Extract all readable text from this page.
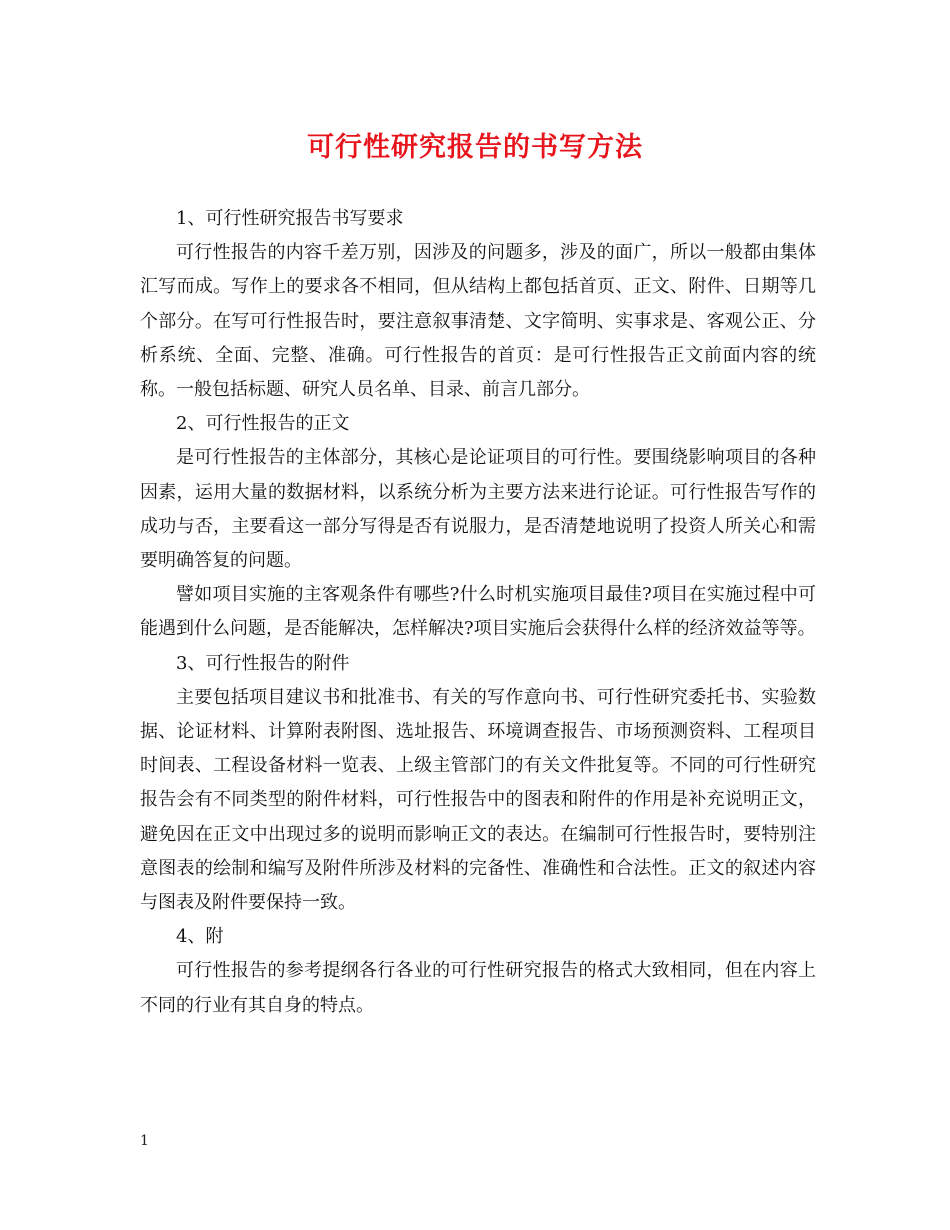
可行性研究报告的书写方法

1、可行性研究报告书写要求

可行性报告的内容千差万别，因涉及的问题多，涉及的面广，所以一般都由集体汇写而成。写作上的要求各不相同，但从结构上都包括首页、正文、附件、日期等几个部分。在写可行性报告时，要注意叙事清楚、文字简明、实事求是、客观公正、分析系统、全面、完整、准确。可行性报告的首页：是可行性报告正文前面内容的统称。一般包括标题、研究人员名单、目录、前言几部分。

2、可行性报告的正文

是可行性报告的主体部分，其核心是论证项目的可行性。要围绕影响项目的各种因素，运用大量的数据材料，以系统分析为主要方法来进行论证。可行性报告写作的成功与否，主要看这一部分写得是否有说服力，是否清楚地说明了投资人所关心和需要明确答复的问题。

譬如项目实施的主客观条件有哪些?什么时机实施项目最佳?项目在实施过程中可能遇到什么问题，是否能解决，怎样解决?项目实施后会获得什么样的经济效益等等。

3、可行性报告的附件

主要包括项目建议书和批准书、有关的写作意向书、可行性研究委托书、实验数据、论证材料、计算附表附图、选址报告、环境调查报告、市场预测资料、工程项目时间表、工程设备材料一览表、上级主管部门的有关文件批复等。不同的可行性研究报告会有不同类型的附件材料，可行性报告中的图表和附件的作用是补充说明正文，避免因在正文中出现过多的说明而影响正文的表达。在编制可行性报告时，要特别注意图表的绘制和编写及附件所涉及材料的完备性、准确性和合法性。正文的叙述内容与图表及附件要保持一致。

4、附

可行性报告的参考提纲各行各业的可行性研究报告的格式大致相同，但在内容上不同的行业有其自身的特点。

1
